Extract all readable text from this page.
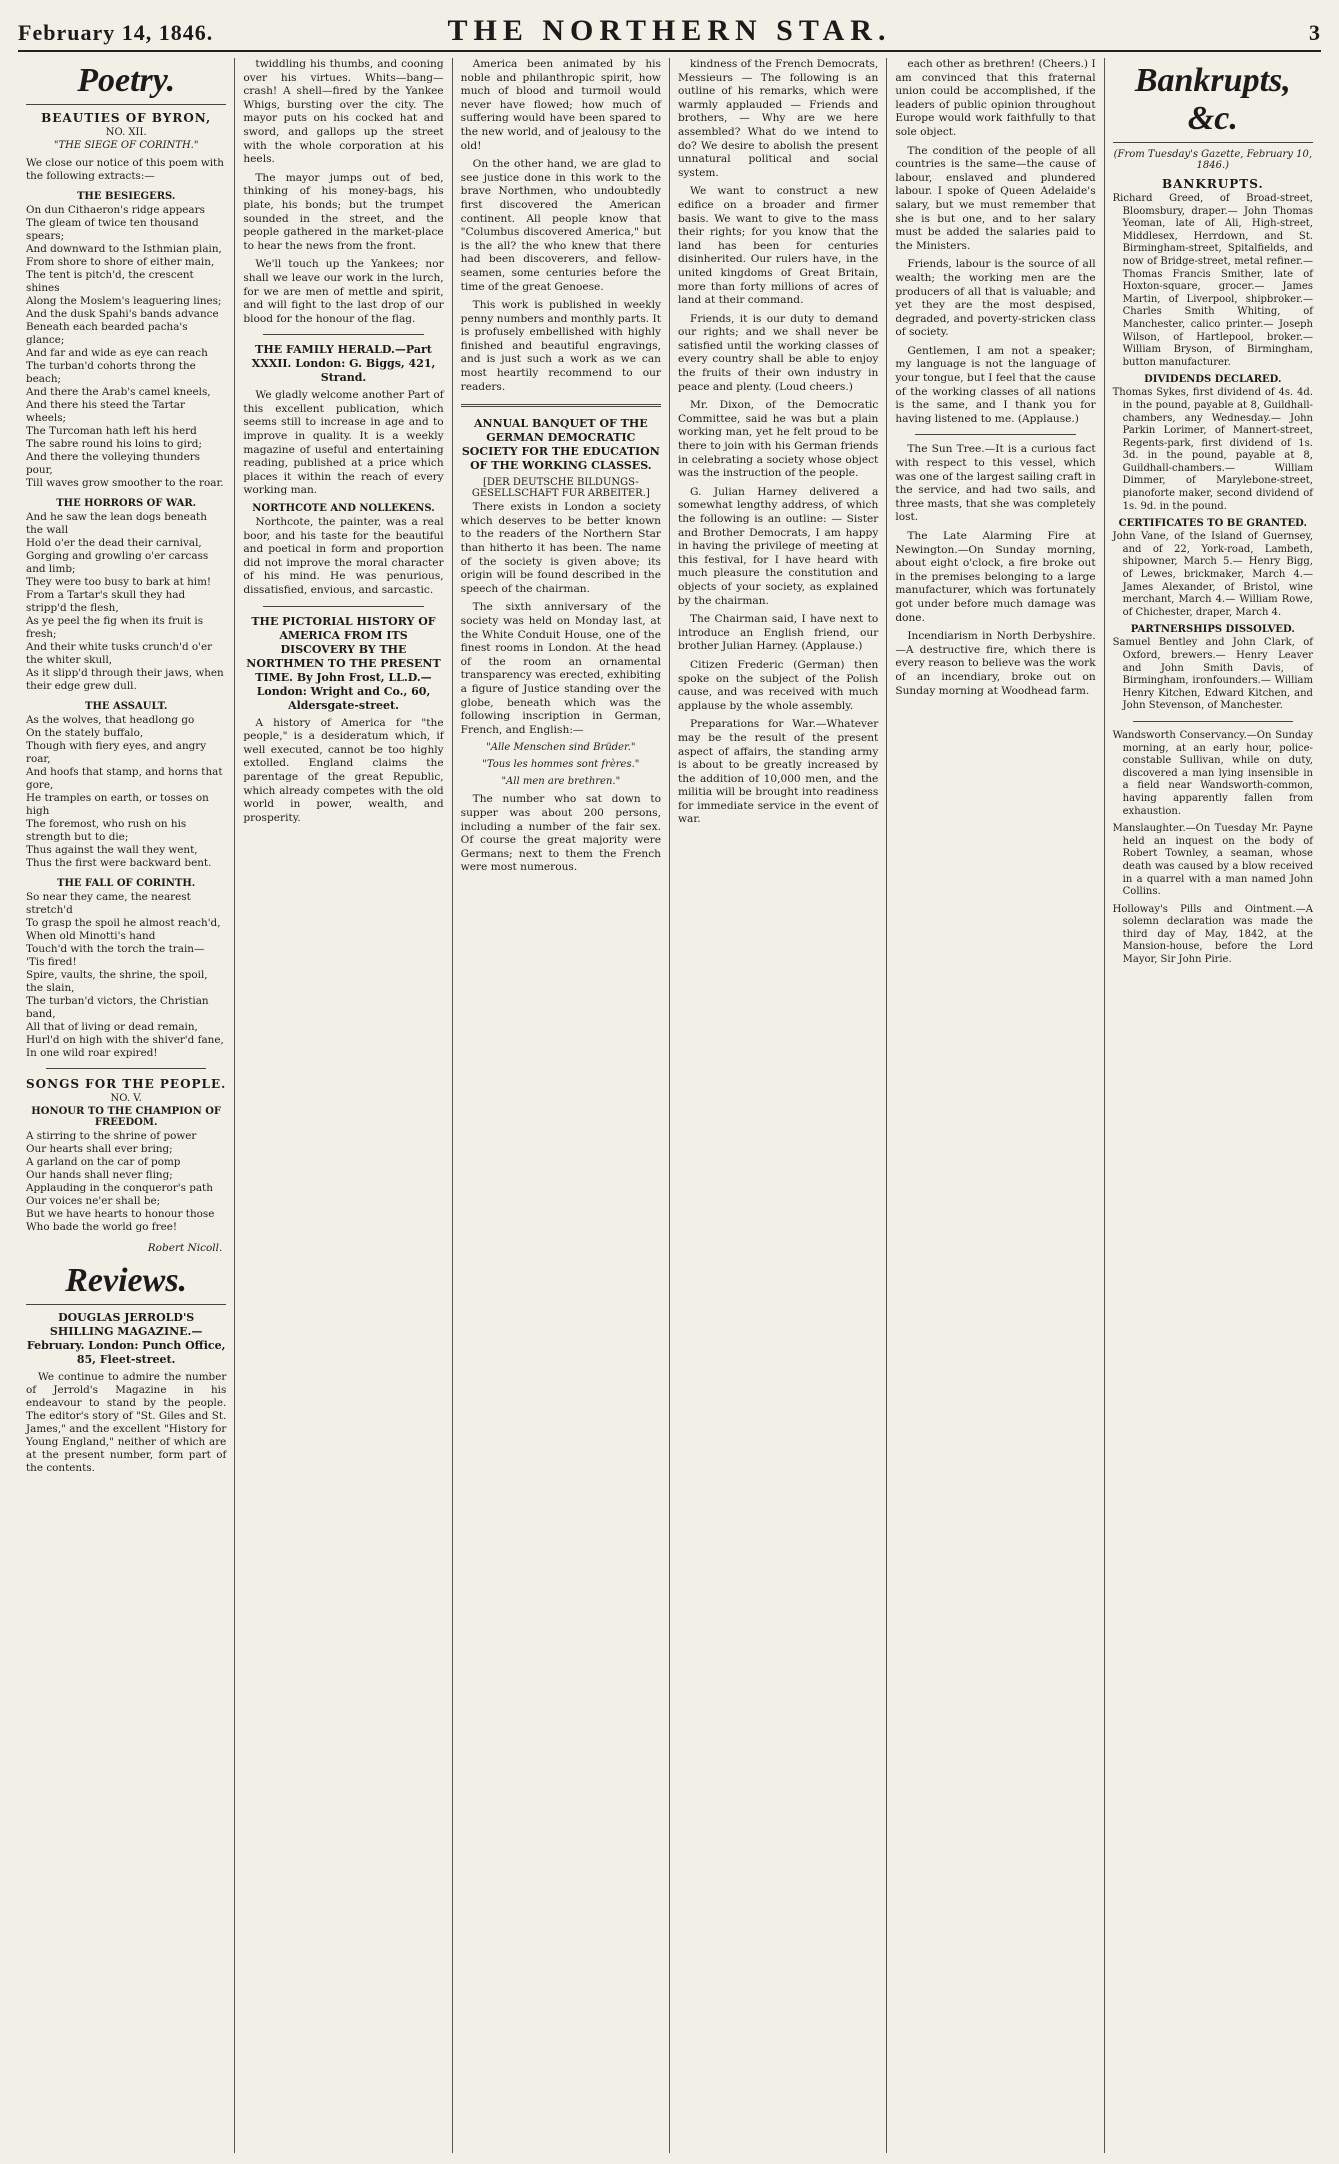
February 14, 1846.	THE NORTHERN STAR.	3
Poetry.
BEAUTIES OF BYRON,
NO. XII.
"THE SIEGE OF CORINTH."

We close our notice of this poem with the following extracts:—

THE BESIEGERS.

On dun Cithaeron's ridge appears
The gleam of twice ten thousand spears;
And downward to the Isthmian plain,
From shore to shore of either main,
The tent is pitch'd, the crescent shines
Along the Moslem's leaguering lines;
And the dusk Spahi's bands advance
Beneath each bearded pacha's glance;
And far and wide as eye can reach
The turban'd cohorts throng the beach;
And there the Arab's camel kneels,
And there his steed the Tartar wheels;
The Turcoman hath left his herd
The sabre round his loins to gird;
And there the volleying thunders pour,
Till waves grow smoother to the roar.

THE HORRORS OF WAR.

And he saw the lean dogs beneath the wall
Hold o'er the dead their carnival,
Gorging and growling o'er carcass and limb;
They were too busy to bark at him!
From a Tartar's skull they had stripp'd the flesh,
As ye peel the fig when its fruit is fresh;
And their white tusks crunch'd o'er the whiter skull,
As it slipp'd through their jaws, when their edge grew dull.

THE ASSAULT.

As the wolves, that headlong go
On the stately buffalo,
Though with fiery eyes, and angry roar,
And hoofs that stamp, and horns that gore,
He tramples on earth, or tosses on high
The foremost, who rush on his strength but to die;
Thus against the wall they went,
Thus the first were backward bent.

THE FALL OF CORINTH.

So near they came, the nearest stretch'd
To grasp the spoil he almost reach'd,
When old Minotti's hand
Touch'd with the torch the train—
'Tis fired!
Spire, vaults, the shrine, the spoil, the slain,
The turban'd victors, the Christian band,
All that of living or dead remain,
Hurl'd on high with the shiver'd fane,
In one wild roar expired!

SONGS FOR THE PEOPLE.
NO. V.
HONOUR TO THE CHAMPION OF FREEDOM.

A stirring to the shrine of power
Our hearts shall ever bring;
A garland on the car of pomp
Our hands shall never fling;
Applauding in the conqueror's path
Our voices ne'er shall be;
But we have hearts to honour those
Who bade the world go free!

Robert Nicoll.
Reviews.
DOUGLAS JERROLD'S SHILLING MAGAZINE.—February. London: Punch Office, 85, Fleet-street.

We continue to admire the number of Jerrold's Magazine in his endeavour to stand by the people. The editor's story of "St. Giles and St. James," and the excellent "History for Young England," neither of which are at the present number, form part of the contents.

twiddling his thumbs, and cooning over his virtues. Whits—bang—crash! A shell—fired by the Yankee Whigs, bursting over the city. The mayor puts on his cocked hat and sword, and gallops up the street with the whole corporation at his heels.

The mayor jumps out of bed, thinking of his money-bags, his plate, his bonds; but the trumpet sounded in the street, and the people gathered in the market-place to hear the news from the front.

We'll touch up the Yankees; nor shall we leave our work in the lurch, for we are men of mettle and spirit, and will fight to the last drop of our blood for the honour of the flag.

THE FAMILY HERALD.—Part XXXII. London: G. Biggs, 421, Strand.

We gladly welcome another Part of this excellent publication, which seems still to increase in age and to improve in quality. It is a weekly magazine of useful and entertaining reading, published at a price which places it within the reach of every working man.

NORTHCOTE AND NOLLEKENS.

Northcote, the painter, was a real boor, and his taste for the beautiful and poetical in form and proportion did not improve the moral character of his mind. He was penurious, dissatisfied, envious, and sarcastic.

THE PICTORIAL HISTORY OF AMERICA FROM ITS DISCOVERY BY THE NORTHMEN TO THE PRESENT TIME. By John Frost, LL.D.—London: Wright and Co., 60, Aldersgate-street.

A history of America for "the people," is a desideratum which, if well executed, cannot be too highly extolled. England claims the parentage of the great Republic, which already competes with the old world in power, wealth, and prosperity.

America been animated by his noble and philanthropic spirit, how much of blood and turmoil would never have flowed; how much of suffering would have been spared to the new world, and of jealousy to the old!

On the other hand, we are glad to see justice done in this work to the brave Northmen, who undoubtedly first discovered the American continent. All people know that "Columbus discovered America," but is the all? the who knew that there had been discoverers, and fellow-seamen, some centuries before the time of the great Genoese.

This work is published in weekly penny numbers and monthly parts. It is profusely embellished with highly finished and beautiful engravings, and is just such a work as we can most heartily recommend to our readers.

ANNUAL BANQUET OF THE GERMAN DEMOCRATIC SOCIETY FOR THE EDUCATION OF THE WORKING CLASSES.
[DER DEUTSCHE BILDUNGS-GESELLSCHAFT FUR ARBEITER.]

There exists in London a society which deserves to be better known to the readers of the Northern Star than hitherto it has been. The name of the society is given above; its origin will be found described in the speech of the chairman.

The sixth anniversary of the society was held on Monday last, at the White Conduit House, one of the finest rooms in London. At the head of the room an ornamental transparency was erected, exhibiting a figure of Justice standing over the globe, beneath which was the following inscription in German, French, and English:—

"Alle Menschen sind Brüder."
"Tous les hommes sont frères."
"All men are brethren."

The number who sat down to supper was about 200 persons, including a number of the fair sex. Of course the great majority were Germans; next to them the French were most numerous.

kindness of the French Democrats, Messieurs — The following is an outline of his remarks, which were warmly applauded — Friends and brothers, — Why are we here assembled? What do we intend to do? We desire to abolish the present unnatural political and social system.

We want to construct a new edifice on a broader and firmer basis. We want to give to the mass their rights; for you know that the land has been for centuries disinherited. Our rulers have, in the united kingdoms of Great Britain, more than forty millions of acres of land at their command.

Friends, it is our duty to demand our rights; and we shall never be satisfied until the working classes of every country shall be able to enjoy the fruits of their own industry in peace and plenty. (Loud cheers.)

Mr. Dixon, of the Democratic Committee, said he was but a plain working man, yet he felt proud to be there to join with his German friends in celebrating a society whose object was the instruction of the people.

G. Julian Harney delivered a somewhat lengthy address, of which the following is an outline: — Sister and Brother Democrats, I am happy in having the privilege of meeting at this festival, for I have heard with much pleasure the constitution and objects of your society, as explained by the chairman.

The Chairman said, I have next to introduce an English friend, our brother Julian Harney. (Applause.)

Citizen Frederic (German) then spoke on the subject of the Polish cause, and was received with much applause by the whole assembly.

Preparations for War.—Whatever may be the result of the present aspect of affairs, the standing army is about to be greatly increased by the addition of 10,000 men, and the militia will be brought into readiness for immediate service in the event of war.

each other as brethren! (Cheers.) I am convinced that this fraternal union could be accomplished, if the leaders of public opinion throughout Europe would work faithfully to that sole object.

The condition of the people of all countries is the same—the cause of labour, enslaved and plundered labour. I spoke of Queen Adelaide's salary, but we must remember that she is but one, and to her salary must be added the salaries paid to the Ministers.

Friends, labour is the source of all wealth; the working men are the producers of all that is valuable; and yet they are the most despised, degraded, and poverty-stricken class of society.

Gentlemen, I am not a speaker; my language is not the language of your tongue, but I feel that the cause of the working classes of all nations is the same, and I thank you for having listened to me. (Applause.)

The Sun Tree.—It is a curious fact with respect to this vessel, which was one of the largest sailing craft in the service, and had two sails, and three masts, that she was completely lost.

The Late Alarming Fire at Newington.—On Sunday morning, about eight o'clock, a fire broke out in the premises belonging to a large manufacturer, which was fortunately got under before much damage was done.

Incendiarism in North Derbyshire.—A destructive fire, which there is every reason to believe was the work of an incendiary, broke out on Sunday morning at Woodhead farm.

Bankrupts, &c.
(From Tuesday's Gazette, February 10, 1846.)
BANKRUPTS.

Richard Greed, of Broad-street, Bloomsbury, draper.— John Thomas Yeoman, late of Ali, High-street, Middlesex, Herrdown, and St. Birmingham-street, Spitalfields, and now of Bridge-street, metal refiner.— Thomas Francis Smither, late of Hoxton-square, grocer.— James Martin, of Liverpool, shipbroker.— Charles Smith Whiting, of Manchester, calico printer.— Joseph Wilson, of Hartlepool, broker.— William Bryson, of Birmingham, button manufacturer.

DIVIDENDS DECLARED.

Thomas Sykes, first dividend of 4s. 4d. in the pound, payable at 8, Guildhall-chambers, any Wednesday.— John Parkin Lorimer, of Mannert-street, Regents-park, first dividend of 1s. 3d. in the pound, payable at 8, Guildhall-chambers.— William Dimmer, of Marylebone-street, pianoforte maker, second dividend of 1s. 9d. in the pound.

CERTIFICATES TO BE GRANTED.

John Vane, of the Island of Guernsey, and of 22, York-road, Lambeth, shipowner, March 5.— Henry Bigg, of Lewes, brickmaker, March 4.— James Alexander, of Bristol, wine merchant, March 4.— William Rowe, of Chichester, draper, March 4.

PARTNERSHIPS DISSOLVED.

Samuel Bentley and John Clark, of Oxford, brewers.— Henry Leaver and John Smith Davis, of Birmingham, ironfounders.— William Henry Kitchen, Edward Kitchen, and John Stevenson, of Manchester.

Wandsworth Conservancy.—On Sunday morning, at an early hour, police-constable Sullivan, while on duty, discovered a man lying insensible in a field near Wandsworth-common, having apparently fallen from exhaustion.

Manslaughter.—On Tuesday Mr. Payne held an inquest on the body of Robert Townley, a seaman, whose death was caused by a blow received in a quarrel with a man named John Collins.

Holloway's Pills and Ointment.—A solemn declaration was made the third day of May, 1842, at the Mansion-house, before the Lord Mayor, Sir John Pirie.
